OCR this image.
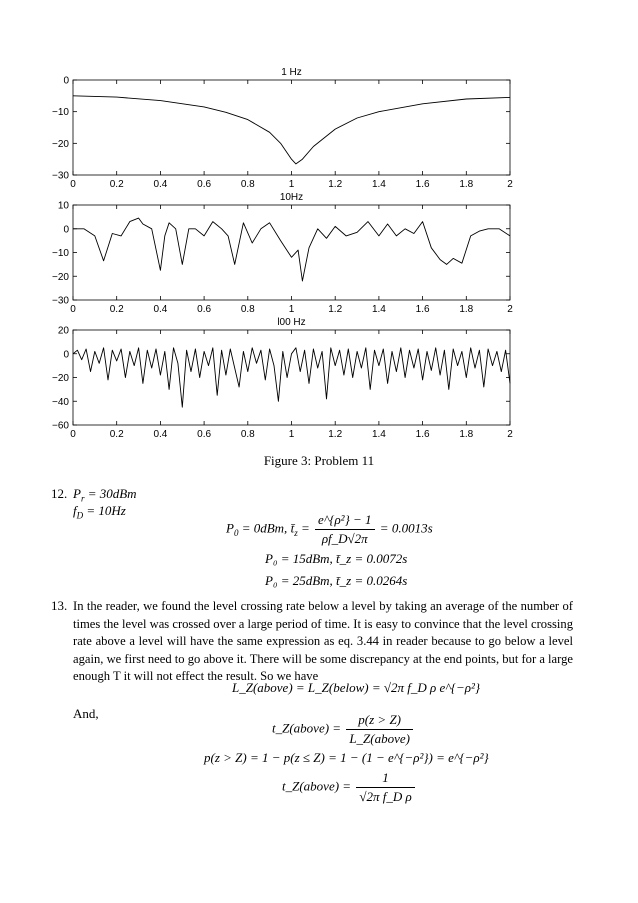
1 Hz
0	0.2	0.4	0.6	0.8	1	1.2	1.4	1.6	1.8	2
0
−10
−20
−30
10Hz
0	0.2	0.4	0.6	0.8	1	1.2	1.4	1.6	1.8	2
10
0
−10
−20
−30
l00 Hz
0	0.2	0.4	0.6	0.8	1	1.2	1.4	1.6	1.8	2
20
0
−20
−40
−60
Figure 3: Problem 11
12. $P_r = 30dBm$
$f_D = 10Hz$
$P_0 = 0dBm$, $t̄_z = \frac{\text{e\textasciicircum{}\{ρ²\} − 1}}{\rho f\_D√2\pi} = 0.0013s$
P₀ = 15dBm, t̄_z = 0.0072s
P₀ = 25dBm, t̄_z = 0.0264s
13. In the reader, we found the level crossing rate below a level by taking an average of the number of times the level was crossed over a large period of time. It is easy to convince that the level crossing rate above a level will have the same expression as eq. 3.44 in reader because to go below a level again, we first need to go above it. There will be some discrepancy at the end points, but for a large enough T it will not effect the result. So we have
L_Z(above) = L_Z(below) = √2π f_D ρ e^{−ρ²}
And,
t_Z(above) = $\frac{p(z > Z)}{\text{L\_Z(above)}}$
p(z > Z) = 1 − p(z ≤ Z) = 1 − (1 − e^{−ρ²}) = e^{−ρ²}
t_Z(above) = $\frac{1}{\text{√2π f\_D ρ}}$
